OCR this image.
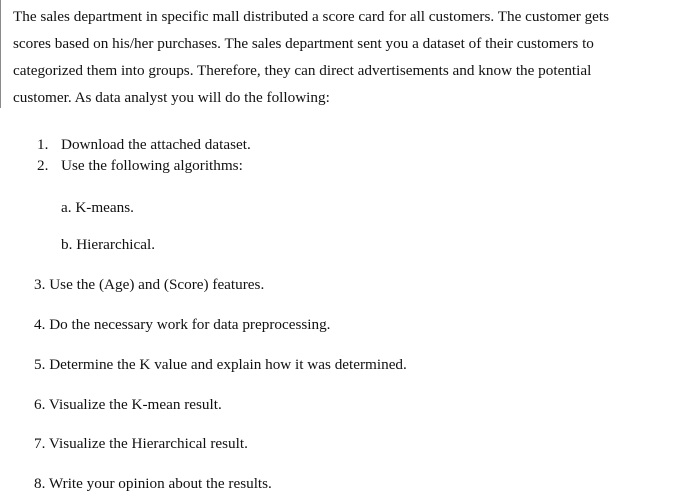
The sales department in specific mall distributed a score card for all customers. The customer gets
scores based on his/her purchases. The sales department sent you a dataset of their customers to
categorized them into groups. Therefore, they can direct advertisements and know the potential
customer. As data analyst you will do the following:
1. Download the attached dataset.
2. Use the following algorithms:
a. K-means.
b. Hierarchical.
3. Use the (Age) and (Score) features.
4. Do the necessary work for data preprocessing.
5. Determine the K value and explain how it was determined.
6. Visualize the K-mean result.
7. Visualize the Hierarchical result.
8. Write your opinion about the results.
